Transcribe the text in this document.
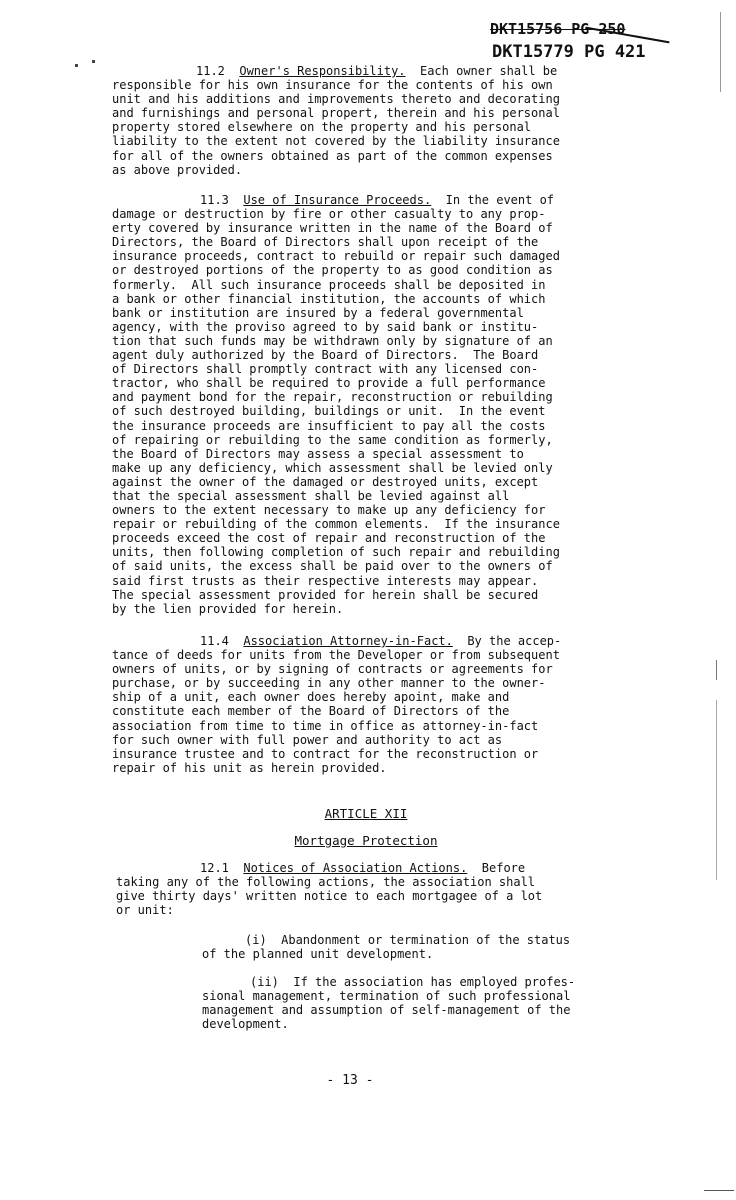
DKT15756 PG 250
DKT15779 PG 421
11.2 Owner's Responsibility.  Each owner shall be
responsible for his own insurance for the contents of his own
unit and his additions and improvements thereto and decorating
and furnishings and personal propert, therein and his personal
property stored elsewhere on the property and his personal
liability to the extent not covered by the liability insurance
for all of the owners obtained as part of the common expenses
as above provided.
11.3 Use of Insurance Proceeds.  In the event of
damage or destruction by fire or other casualty to any prop-
erty covered by insurance written in the name of the Board of
Directors, the Board of Directors shall upon receipt of the
insurance proceeds, contract to rebuild or repair such damaged
or destroyed portions of the property to as good condition as
formerly.  All such insurance proceeds shall be deposited in
a bank or other financial institution, the accounts of which
bank or institution are insured by a federal governmental
agency, with the proviso agreed to by said bank or institu-
tion that such funds may be withdrawn only by signature of an
agent duly authorized by the Board of Directors.  The Board
of Directors shall promptly contract with any licensed con-
tractor, who shall be required to provide a full performance
and payment bond for the repair, reconstruction or rebuilding
of such destroyed building, buildings or unit.  In the event
the insurance proceeds are insufficient to pay all the costs
of repairing or rebuilding to the same condition as formerly,
the Board of Directors may assess a special assessment to
make up any deficiency, which assessment shall be levied only
against the owner of the damaged or destroyed units, except
that the special assessment shall be levied against all
owners to the extent necessary to make up any deficiency for
repair or rebuilding of the common elements.  If the insurance
proceeds exceed the cost of repair and reconstruction of the
units, then following completion of such repair and rebuilding
of said units, the excess shall be paid over to the owners of
said first trusts as their respective interests may appear.
The special assessment provided for herein shall be secured
by the lien provided for herein.
11.4 Association Attorney-in-Fact.  By the accep-
tance of deeds for units from the Developer or from subsequent
owners of units, or by signing of contracts or agreements for
purchase, or by succeeding in any other manner to the owner-
ship of a unit, each owner does hereby apoint, make and
constitute each member of the Board of Directors of the
association from time to time in office as attorney-in-fact
for such owner with full power and authority to act as
insurance trustee and to contract for the reconstruction or
repair of his unit as herein provided.
ARTICLE XII
Mortgage Protection
12.1 Notices of Association Actions.  Before
taking any of the following actions, the association shall
give thirty days' written notice to each mortgagee of a lot
or unit:
(i)  Abandonment or termination of the status
of the planned unit development.
(ii)  If the association has employed profes-
sional management, termination of such professional
management and assumption of self-management of the
development.
- 13 -
